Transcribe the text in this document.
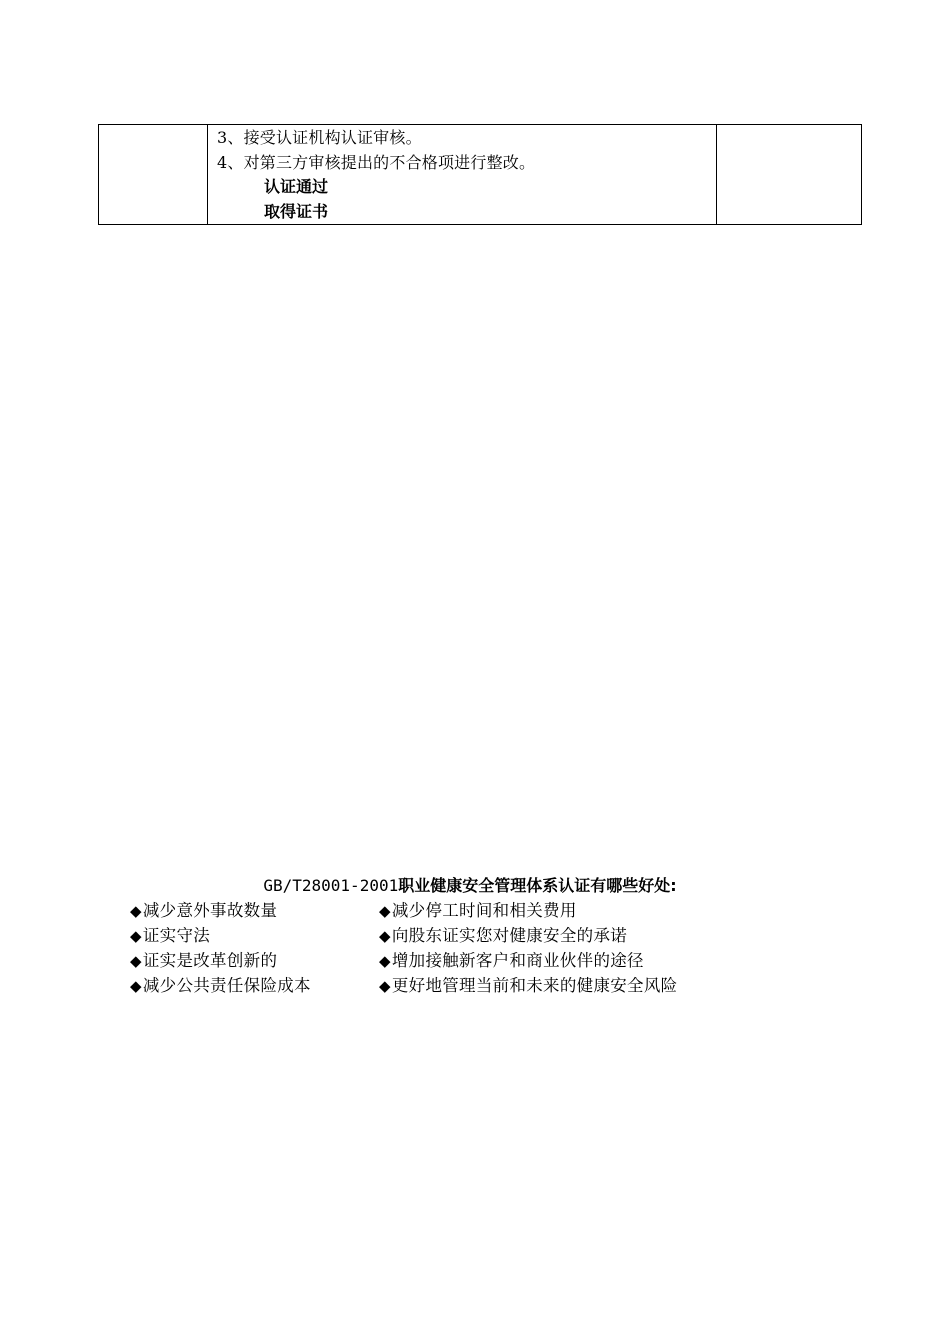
3、接受认证机构认证审核。
4、对第三方审核提出的不合格项进行整改。
认证通过
取得证书

GB/T28001-2001职业健康安全管理体系认证有哪些好处:
◆减少意外事故数量	◆减少停工时间和相关费用
◆证实守法	◆向股东证实您对健康安全的承诺
◆证实是改革创新的	◆增加接触新客户和商业伙伴的途径
◆减少公共责任保险成本	◆更好地管理当前和未来的健康安全风险
